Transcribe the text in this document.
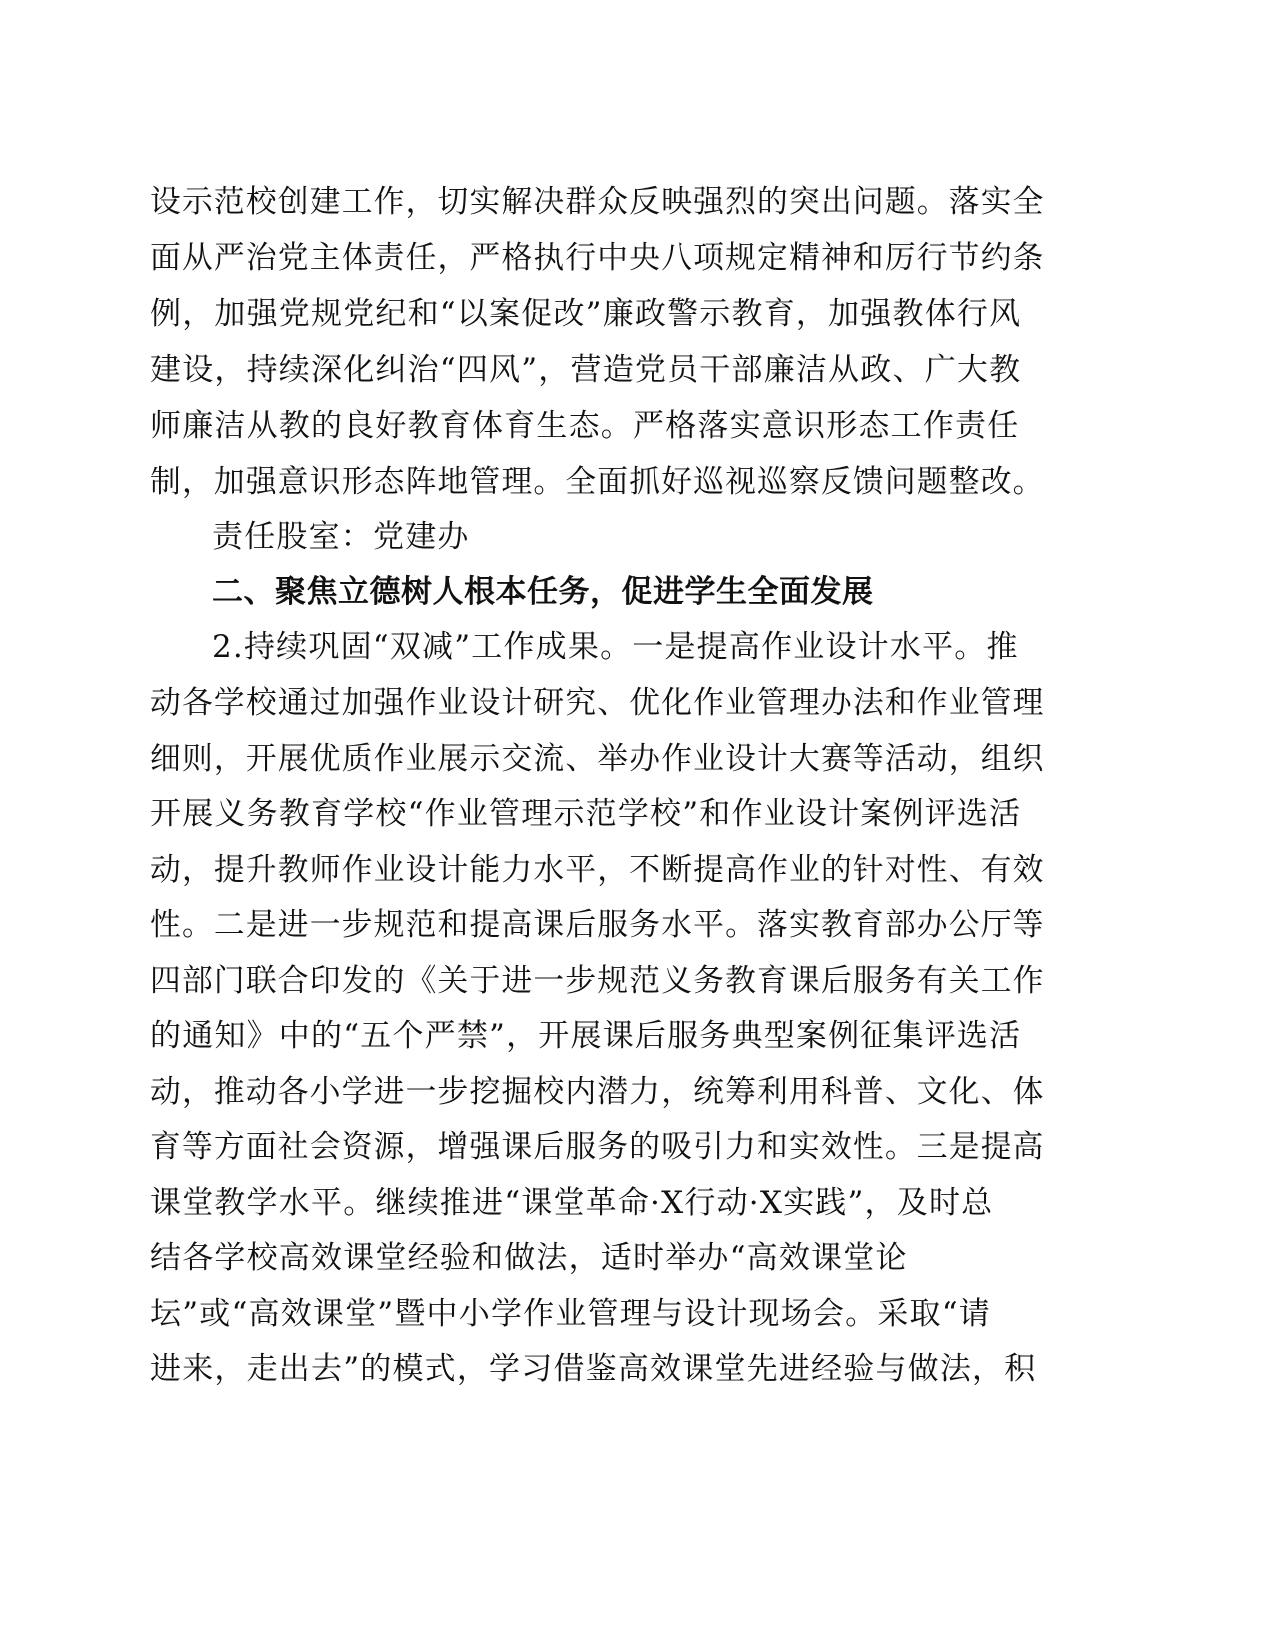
设示范校创建工作，切实解决群众反映强烈的突出问题。落实全
面从严治党主体责任，严格执行中央八项规定精神和厉行节约条
例，加强党规党纪和“以案促改”廉政警示教育，加强教体行风
建设，持续深化纠治“四风”，营造党员干部廉洁从政、广大教
师廉洁从教的良好教育体育生态。严格落实意识形态工作责任
制，加强意识形态阵地管理。全面抓好巡视巡察反馈问题整改。
责任股室：党建办
二、聚焦立德树人根本任务，促进学生全面发展
2.持续巩固“双减”工作成果。一是提高作业设计水平。推
动各学校通过加强作业设计研究、优化作业管理办法和作业管理
细则，开展优质作业展示交流、举办作业设计大赛等活动，组织
开展义务教育学校“作业管理示范学校”和作业设计案例评选活
动，提升教师作业设计能力水平，不断提高作业的针对性、有效
性。二是进一步规范和提高课后服务水平。落实教育部办公厅等
四部门联合印发的《关于进一步规范义务教育课后服务有关工作
的通知》中的“五个严禁”，开展课后服务典型案例征集评选活
动，推动各小学进一步挖掘校内潜力，统筹利用科普、文化、体
育等方面社会资源，增强课后服务的吸引力和实效性。三是提高
课堂教学水平。继续推进“课堂革命·X行动·X实践”，及时总
结各学校高效课堂经验和做法，适时举办“高效课堂论
坛”或“高效课堂”暨中小学作业管理与设计现场会。采取“请
进来，走出去”的模式，学习借鉴高效课堂先进经验与做法，积
